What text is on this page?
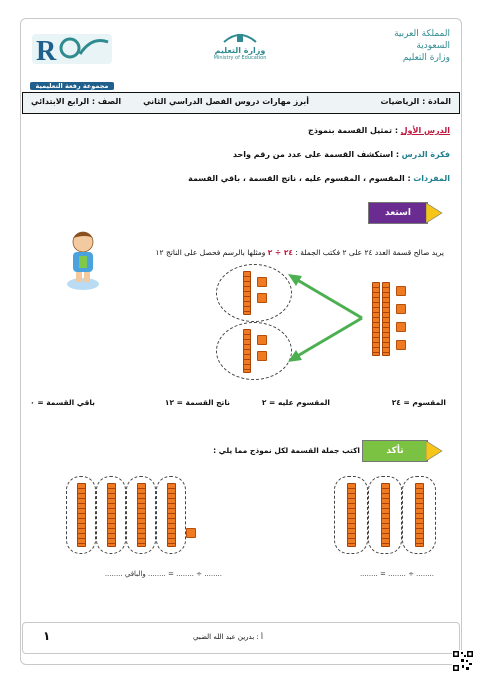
R
مجموعة رفعة التعليمية
وزارة التعليم
Ministry of Education
المملكة العربية السعودية
وزارة التعليم
المادة : الرياضيات
أبرز مهارات دروس الفصل الدراسي الثاني
الصف : الرابع الابتدائي
الدرس الأول : تمثيل القسمة بنموذج
فكرة الدرس : استكشف القسمة على عدد من رقم واحد
المفردات : المقسوم ، المقسوم عليه ، ناتج القسمة ، باقي القسمة
استعد
يريد صالح قسمة العدد ٢٤ على ٢ فكتب الجملة : ٢٤ ÷ ٢ ومثلها بالرسم فحصل على الناتج ١٢
المقسوم = ٢٤
المقسوم عليه = ٢
ناتج القسمة = ١٢
باقي القسمة = ٠
تأكد
اكتب جملة القسمة لكل نموذج مما يلي :
........ ÷ ........ = ........
........ ÷ ........ = ........ والباقي ........
١	أ : بدرين عبد الله الضبي
